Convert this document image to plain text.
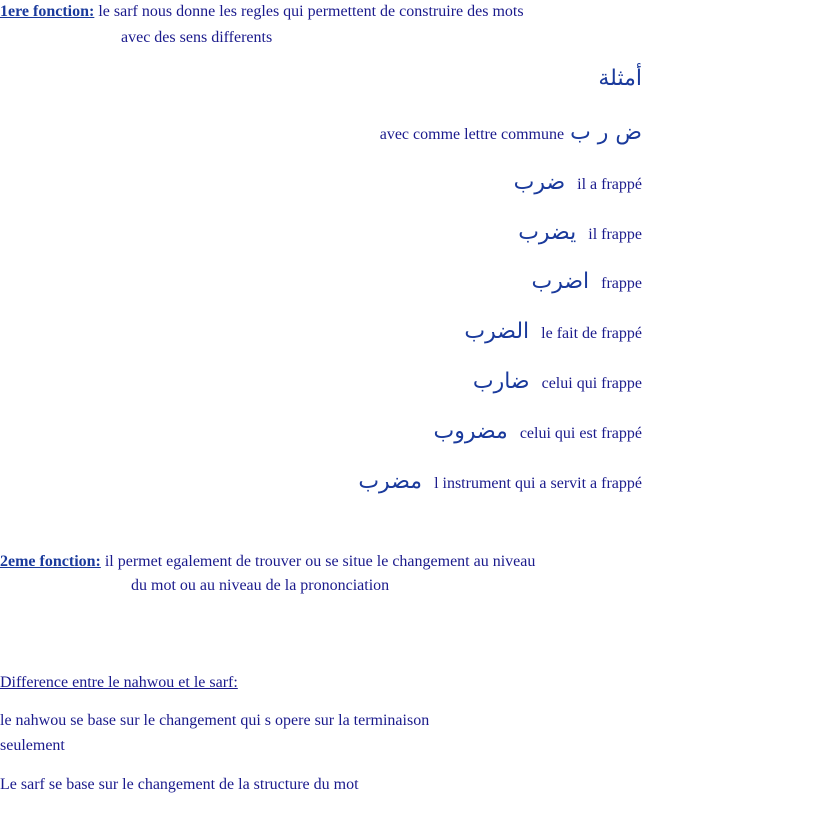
1ere fonction: le sarf nous donne les regles qui permettent de construire des mots
avec des sens differents
أمثلة
avec comme lettre commune ض ر ب
ضرب il a frappé
يضرب il frappe
اضرب frappe
الضرب le fait de frappé
ضارب celui qui frappe
مضروب celui qui est frappé
مضرب l instrument qui a servit a frappé
2eme fonction: il permet egalement de trouver ou se situe le changement au niveau
du mot ou au niveau de la prononciation
Difference entre le nahwou et le sarf:
le nahwou se base sur le changement qui s opere sur la terminaison
seulement
Le sarf se base sur le changement de la structure du mot
